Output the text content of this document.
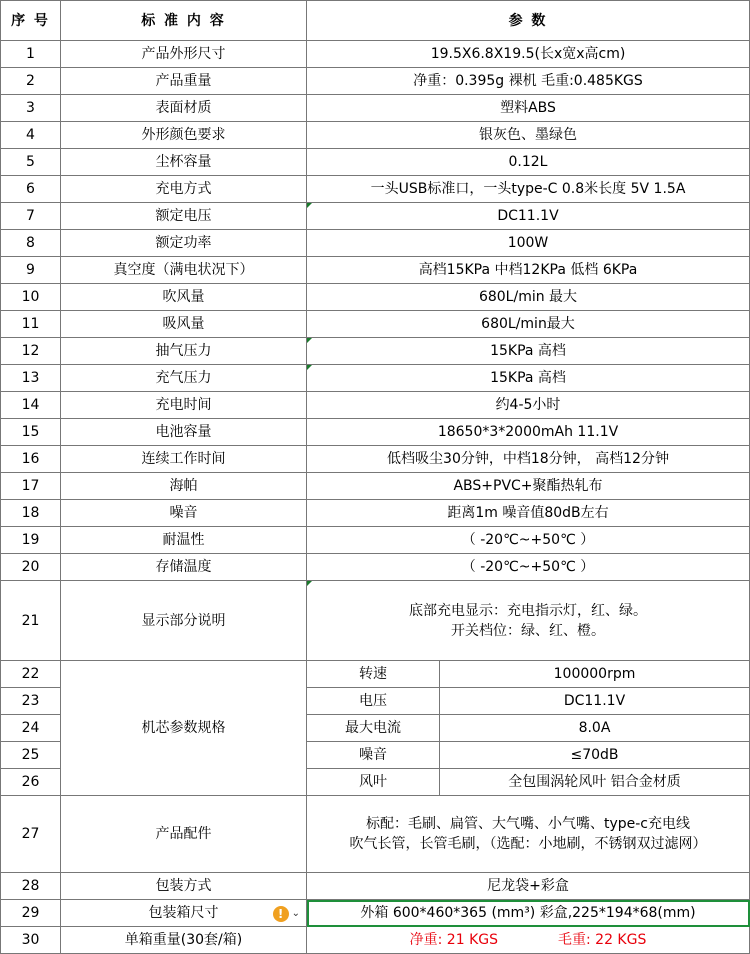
序 号	标 准 内 容	参 数	
1	产品外形尺寸	19.5X6.8X19.5(长x宽x高cm)	
2	产品重量	净重：0.395g 裸机 毛重:0.485KGS	
3	表面材质	塑料ABS	
4	外形颜色要求	银灰色、墨绿色	
5	尘杯容量	0.12L	
6	充电方式	一头USB标准口，一头type-C 0.8米长度 5V 1.5A	
7	额定电压	DC11.1V	
8	额定功率	100W	
9	真空度（满电状况下）	高档15KPa 中档12KPa 低档 6KPa	
10	吹风量	680L/min 最大	
11	吸风量	680L/min最大	
12	抽气压力	15KPa 高档	
13	充气压力	15KPa 高档	
14	充电时间	约4-5小时	
15	电池容量	18650*3*2000mAh 11.1V	
16	连续工作时间	低档吸尘30分钟，中档18分钟， 高档12分钟	
17	海帕	ABS+PVC+聚酯热轧布	
18	噪音	距离1m 噪音值80dB左右	
19	耐温性	（ -20℃~+50℃ ）	
20	存储温度	（ -20℃~+50℃ ）	
21	显示部分说明	底部充电显示：充电指示灯，红、绿。
开关档位：绿、红、橙。	

22	机芯参数规格	转速	100000rpm
23		电压	DC11.1V
24		最大电流	8.0A
25		噪音	≤70dB
26		风叶	全包围涡轮风叶 铝合金材质
27	产品配件	标配：毛刷、扁管、大气嘴、小气嘴、type-c充电线
吹气长管，长管毛刷，（选配：小地刷，不锈钢双过滤网）	

28	包装方式	尼龙袋+彩盒	
29	包装箱尺寸 ! ⌄	外箱 600*460*365 (mm³) 彩盒,225*194*68(mm)	
30	单箱重量(30套/箱)	净重: 21 KGS 毛重: 22 KGS	
